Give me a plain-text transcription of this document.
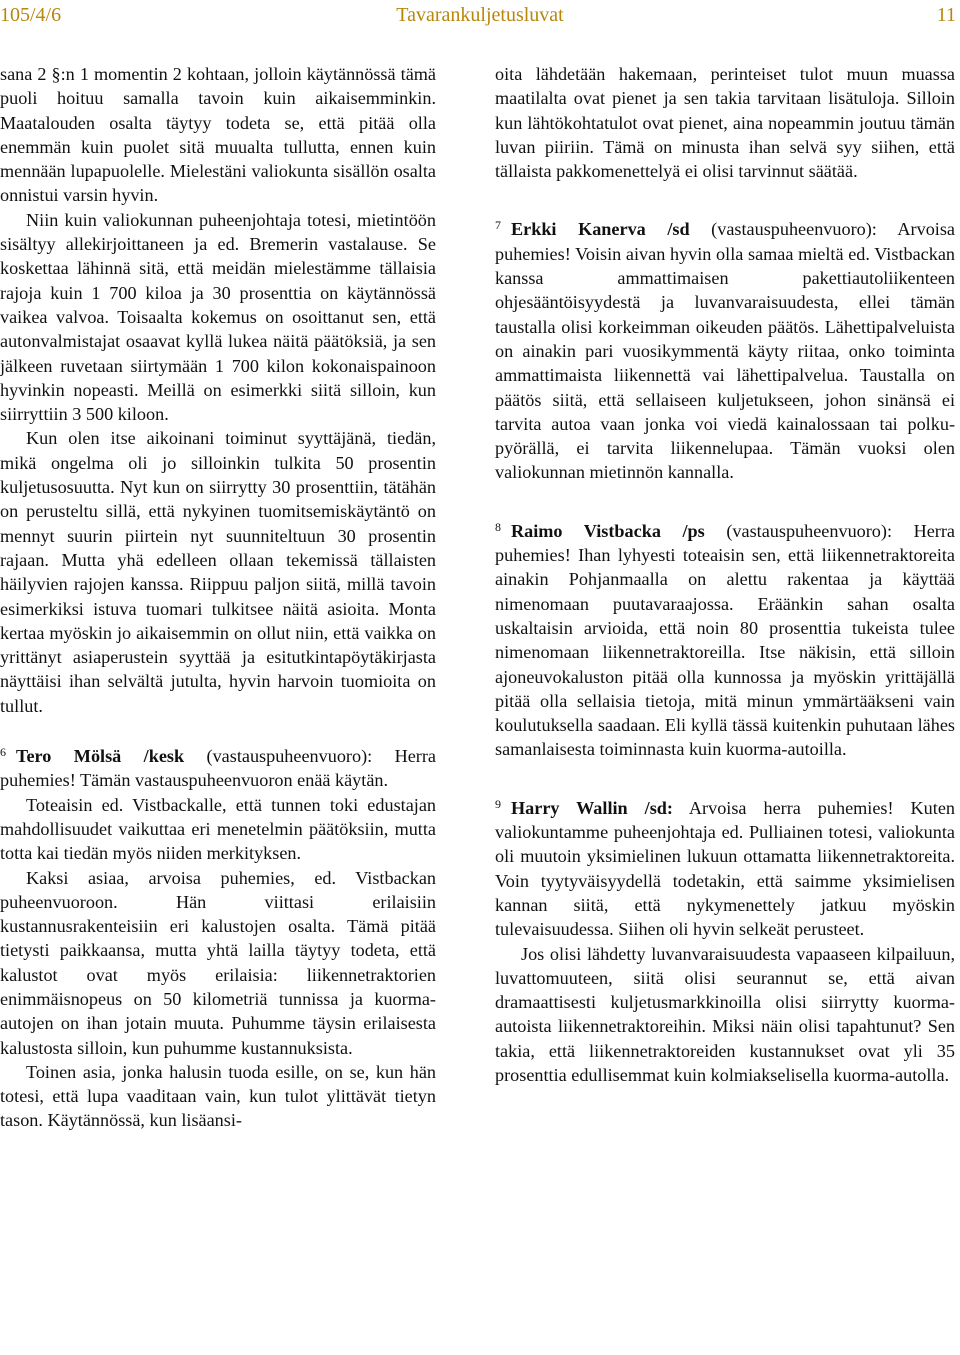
105/4/6	Tavarankuljetusluvat	11

sana 2 §:n 1 momentin 2 kohtaan, jolloin käytännössä tämä puoli hoituu samalla tavoin kuin aikaisemminkin. Maatalouden osalta täytyy todeta se, että pitää olla enemmän kuin puolet sitä muualta tullutta, ennen kuin mennään lupapuolelle. Mielestäni valiokunta sisällön osalta onnistui varsin hyvin.

Niin kuin valiokunnan puheenjohtaja totesi, mietintöön sisältyy allekirjoittaneen ja ed. Bremerin vastalause. Se koskettaa lähinnä sitä, että meidän mielestämme tällaisia rajoja kuin 1 700 kiloa ja 30 prosenttia on käytännössä vaikea valvoa. Toisaalta kokemus on osoittanut sen, että autonvalmistajat osaavat kyllä lukea näitä päätöksiä, ja sen jälkeen ruvetaan siirtymään 1 700 kilon kokonaispainoon hyvinkin nopeasti. Meillä on esimerkki siitä silloin, kun siirryttiin 3 500 kiloon.

Kun olen itse aikoinani toiminut syyttäjänä, tiedän, mikä ongelma oli jo silloinkin tulkita 50 prosentin kuljetusosuutta. Nyt kun on siirrytty 30 prosenttiin, tätähän on perusteltu sillä, että nykyinen tuomitsemiskäytäntö on mennyt suurin piirtein nyt suunniteltuun 30 prosentin rajaan. Mutta yhä edelleen ollaan tekemissä tällaisten häilyvien rajojen kanssa. Riippuu paljon siitä, millä tavoin esimerkiksi istuva tuomari tulkitsee näitä asioita. Monta kertaa myöskin jo aikaisemmin on ollut niin, että vaikka on yrittänyt asiaperustein syyttää ja esitutkintapöytäkirjasta näyttäisi ihan selvältä jutulta, hyvin harvoin tuomioita on tullut.

$^6$ Tero Mölsä /kesk (vastauspuheenvuoro): Herra puhemies! Tämän vastauspuheenvuoron enää käytän.

Toteaisin ed. Vistbackalle, että tunnen toki edustajan mahdollisuudet vaikuttaa eri menetelmin päätöksiin, mutta totta kai tiedän myös niiden merkityksen.

Kaksi asiaa, arvoisa puhemies, ed. Vistbackan puheenvuoroon. Hän viittasi erilaisiin kustannusrakenteisiin eri kalustojen osalta. Tämä pitää tietysti paikkaansa, mutta yhtä lailla täytyy todeta, että kalustot ovat myös erilaisia: liikennetraktorien enimmäisnopeus on 50 kilometriä tunnissa ja kuorma-autojen on ihan jotain muuta. Puhumme täysin erilaisesta kalustosta silloin, kun puhumme kustannuksista.

Toinen asia, jonka halusin tuoda esille, on se, kun hän totesi, että lupa vaaditaan vain, kun tulot ylittävät tietyn tason. Käytännössä, kun lisäansi-

oita lähdetään hakemaan, perinteiset tulot muun muassa maatilalta ovat pienet ja sen takia tarvitaan lisätuloja. Silloin kun lähtökohtatulot ovat pienet, aina nopeammin joutuu tämän luvan piiriin. Tämä on minusta ihan selvä syy siihen, että tällaista pakkomenettelyä ei olisi tarvinnut säätää.

$^7$ Erkki Kanerva /sd (vastauspuheenvuoro): Arvoisa puhemies! Voisin aivan hyvin olla samaa mieltä ed. Vistbackan kanssa ammattimaisen pakettiautoliikenteen ohjesääntöisyydestä ja luvanvaraisuudesta, ellei tämän taustalla olisi korkeimman oikeuden päätös. Lähettipalveluista on ainakin pari vuosikymmentä käyty riitaa, onko toiminta ammattimaista liikennettä vai lähettipalvelua. Taustalla on päätös siitä, että sellaiseen kuljetukseen, johon sinänsä ei tarvita autoa vaan jonka voi viedä kainalossaan tai polkupyörällä, ei tarvita liikennelupaa. Tämän vuoksi olen valiokunnan mietinnön kannalla.

$^8$ Raimo Vistbacka /ps (vastauspuheenvuoro): Herra puhemies! Ihan lyhyesti toteaisin sen, että liikennetraktoreita ainakin Pohjanmaalla on alettu rakentaa ja käyttää nimenomaan puutavaraajossa. Eräänkin sahan osalta uskaltaisin arvioida, että noin 80 prosenttia tukeista tulee nimenomaan liikennetraktoreilla. Itse näkisin, että silloin ajoneuvokaluston pitää olla kunnossa ja myöskin yrittäjällä pitää olla sellaisia tietoja, mitä minun ymmärtääkseni vain koulutuksella saadaan. Eli kyllä tässä kuitenkin puhutaan lähes samanlaisesta toiminnasta kuin kuorma-autoilla.

$^9$ Harry Wallin /sd: Arvoisa herra puhemies! Kuten valiokuntamme puheenjohtaja ed. Pulliainen totesi, valiokunta oli muutoin yksimielinen lukuun ottamatta liikennetraktoreita. Voin tyytyväisyydellä todetakin, että saimme yksimielisen kannan siitä, että nykymenettely jatkuu myöskin tulevaisuudessa. Siihen oli hyvin selkeät perusteet.

Jos olisi lähdetty luvanvaraisuudesta vapaaseen kilpailuun, luvattomuuteen, siitä olisi seurannut se, että aivan dramaattisesti kuljetusmarkkinoilla olisi siirrytty kuorma-autoista liikennetraktoreihin. Miksi näin olisi tapahtunut? Sen takia, että liikennetraktoreiden kustannukset ovat yli 35 prosenttia edullisemmat kuin kolmiakselisella kuorma-autolla.
